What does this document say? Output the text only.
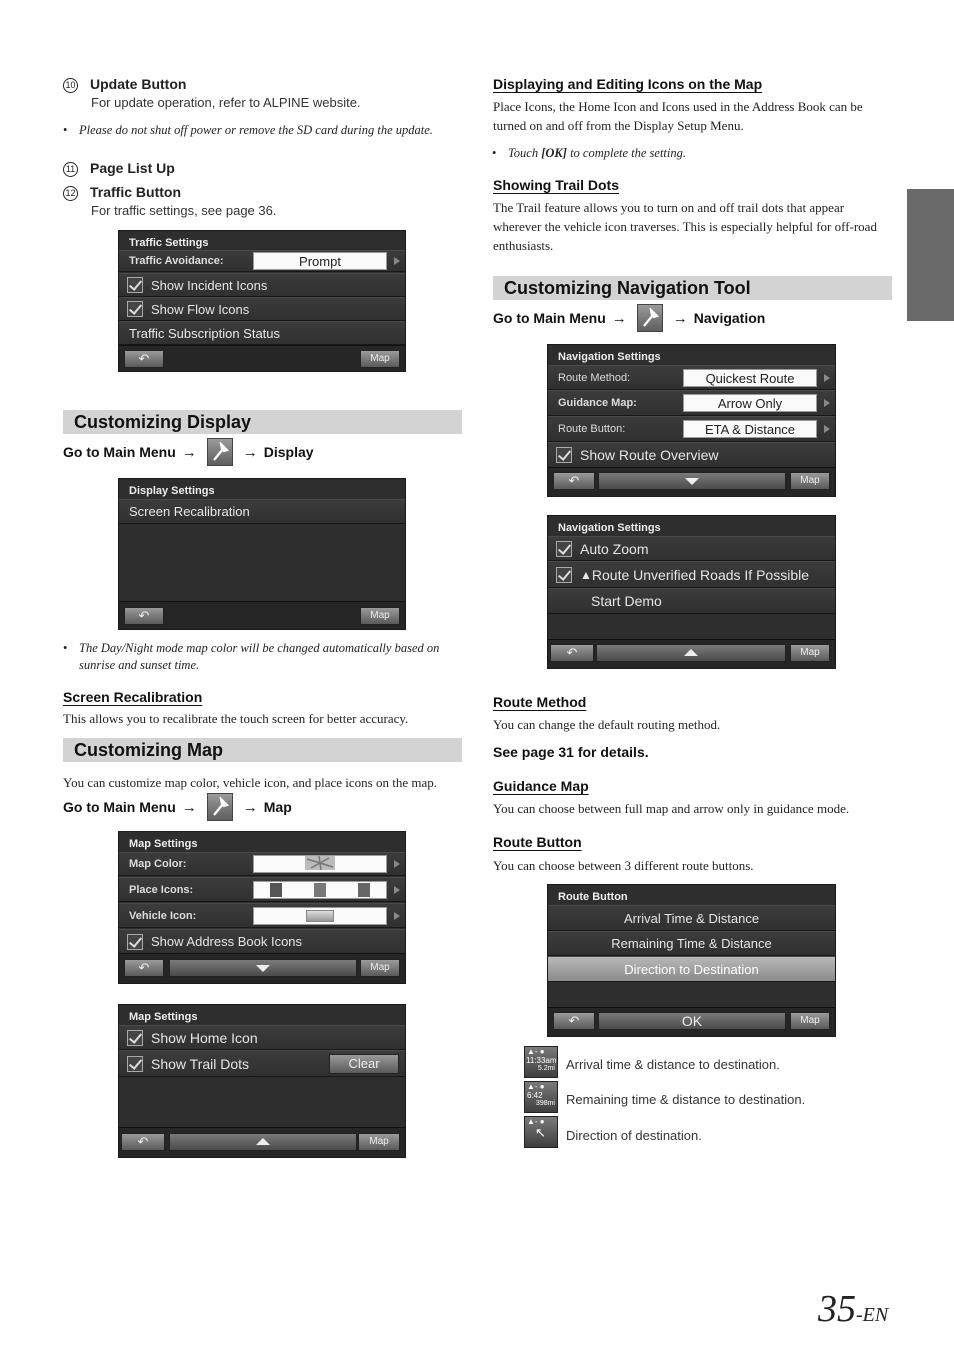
10 Update Button
For update operation, refer to ALPINE website.
• Please do not shut off power or remove the SD card during the update.
11 Page List Up
12 Traffic Button
For traffic settings, see page 36.
Traffic Settings
Traffic Avoidance:	Prompt
Show Incident Icons
Show Flow Icons
Traffic Subscription Status
↶
Map
Customizing Display
Go to Main Menu →	→ Display
Display Settings
Screen Recalibration
↶
Map
• The Day/Night mode map color will be changed automatically based on sunrise and sunset time.
Screen Recalibration
This allows you to recalibrate the touch screen for better accuracy.
Customizing Map
You can customize map color, vehicle icon, and place icons on the map.
Go to Main Menu →	→ Map
Map Settings
Map Color:
Place Icons:
Vehicle Icon:
Show Address Book Icons
↶
Map
Map Settings
Show Home Icon
Show Trail Dots	Clear
↶
Map
Displaying and Editing Icons on the Map
Place Icons, the Home Icon and Icons used in the Address Book can be turned on and off from the Display Setup Menu.
• Touch [OK] to complete the setting.
Showing Trail Dots
The Trail feature allows you to turn on and off trail dots that appear wherever the vehicle icon traverses. This is especially helpful for off-road enthusiasts.
Customizing Navigation Tool
Go to Main Menu →	→ Navigation
Navigation Settings
Route Method:	Quickest Route
Guidance Map:	Arrow Only
Route Button:	ETA & Distance
Show Route Overview
↶
Map
Navigation Settings
Auto Zoom
▲ Route Unverified Roads If Possible
Start Demo
↶
Map
Route Method
You can change the default routing method.
See page 31 for details.
Guidance Map
You can choose between full map and arrow only in guidance mode.
Route Button
You can choose between 3 different route buttons.
Route Button
Arrival Time & Distance
Remaining Time & Distance
Direction to Destination
↶
OK	Map
▲- ●
11:33am
5.2mi Arrival time & distance to destination.
▲- ●
6:42
398mi Remaining time & distance to destination.
▲- ●
↖	Direction of destination.
35-EN
